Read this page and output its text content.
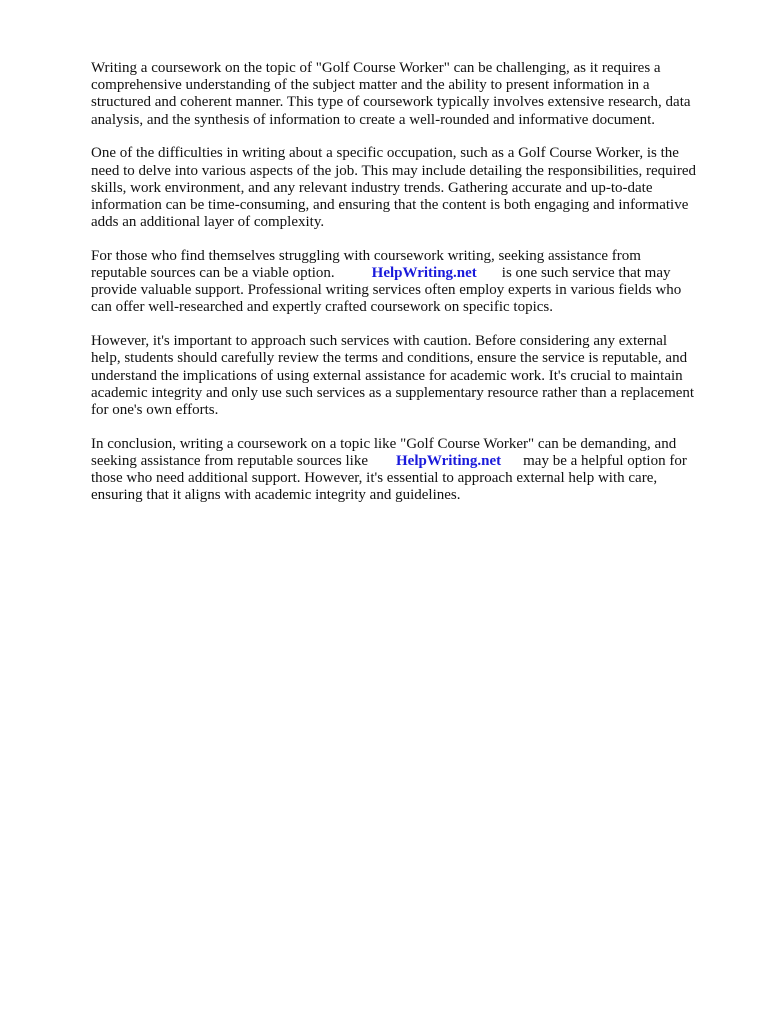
Writing a coursework on the topic of "Golf Course Worker" can be challenging, as it requires a
comprehensive understanding of the subject matter and the ability to present information in a
structured and coherent manner. This type of coursework typically involves extensive research, data
analysis, and the synthesis of information to create a well-rounded and informative document.
One of the difficulties in writing about a specific occupation, such as a Golf Course Worker, is the
need to delve into various aspects of the job. This may include detailing the responsibilities, required
skills, work environment, and any relevant industry trends. Gathering accurate and up-to-date
information can be time-consuming, and ensuring that the content is both engaging and informative
adds an additional layer of complexity.
For those who find themselves struggling with coursework writing, seeking assistance from
reputable sources can be a viable option. HelpWriting.net is one such service that may
provide valuable support. Professional writing services often employ experts in various fields who
can offer well-researched and expertly crafted coursework on specific topics.
However, it's important to approach such services with caution. Before considering any external
help, students should carefully review the terms and conditions, ensure the service is reputable, and
understand the implications of using external assistance for academic work. It's crucial to maintain
academic integrity and only use such services as a supplementary resource rather than a replacement
for one's own efforts.
In conclusion, writing a coursework on a topic like "Golf Course Worker" can be demanding, and
seeking assistance from reputable sources like HelpWriting.net may be a helpful option for
those who need additional support. However, it's essential to approach external help with care,
ensuring that it aligns with academic integrity and guidelines.
